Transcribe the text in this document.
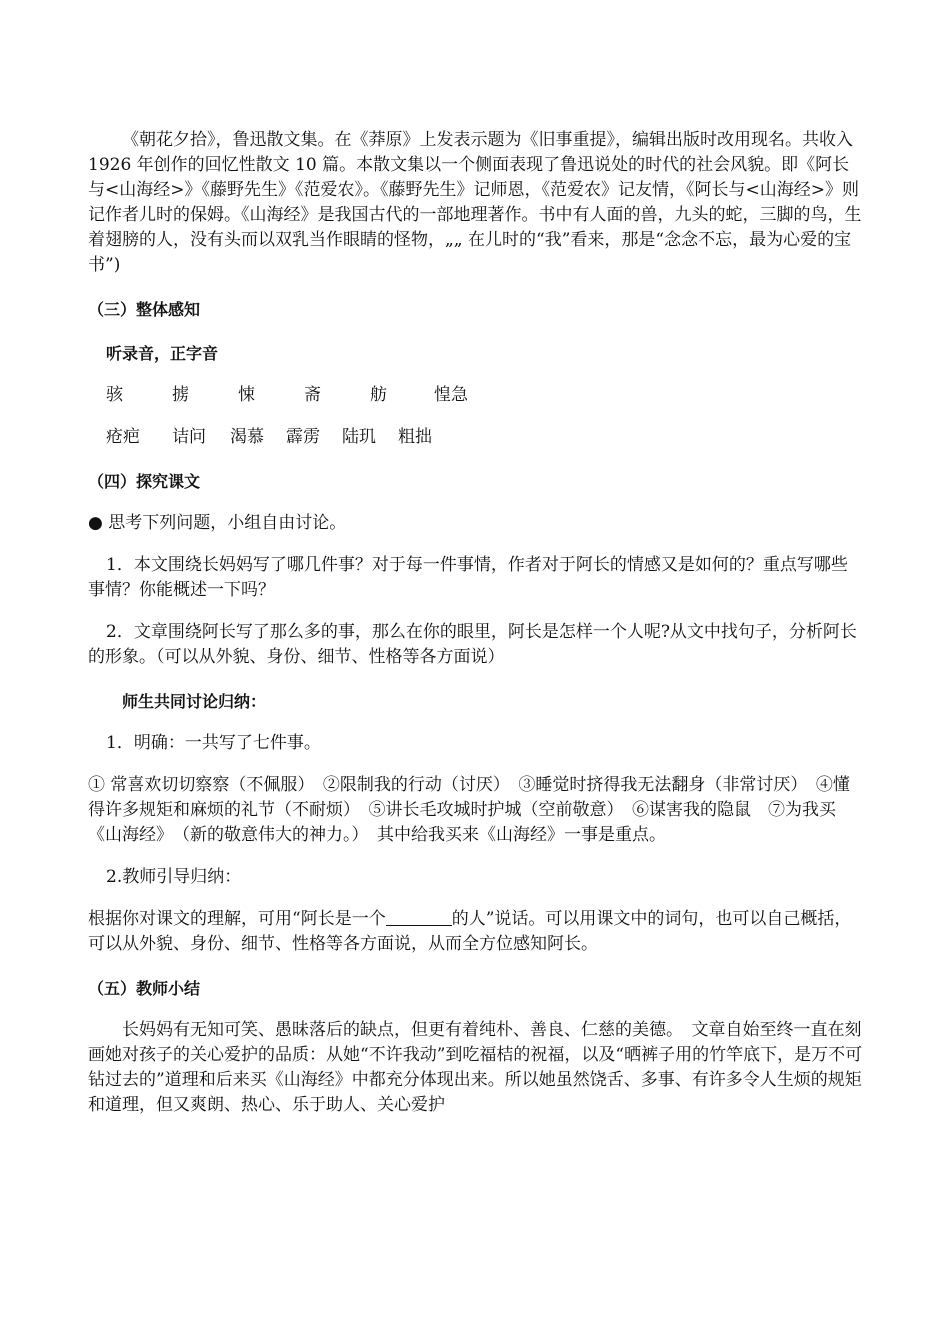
《朝花夕拾》，鲁迅散文集。在《莽原》上发表示题为《旧事重提》，编辑出版时改用现名。共收入 1926 年创作的回忆性散文 10 篇。本散文集以一个侧面表现了鲁迅说处的时代的社会风貌。即《阿长与<山海经>》《藤野先生》《范爱农》。《藤野先生》记师恩，《范爱农》记友情，《阿长与<山海经>》则记作者儿时的保姆。《山海经》是我国古代的一部地理著作。书中有人面的兽，九头的蛇，三脚的鸟，生着翅膀的人，没有头而以双乳当作眼睛的怪物，„„ 在儿时的“我”看来，那是“念念不忘，最为心爱的宝书”)

（三）整体感知

听录音，正字音

骇	掳	悚	斋	舫	惶急
疮疤	诘问	渴慕	霹雳	陆玑	粗拙

（四）探究课文

● 思考下列问题，小组自由讨论。

1．本文围绕长妈妈写了哪几件事？对于每一件事情，作者对于阿长的情感又是如何的？重点写哪些事情？你能概述一下吗？

2．文章围绕阿长写了那么多的事，那么在你的眼里，阿长是怎样一个人呢?从文中找句子，分析阿长的形象。（可以从外貌、身份、细节、性格等各方面说）

师生共同讨论归纳：

1．明确：一共写了七件事。

① 常喜欢切切察察（不佩服）　②限制我的行动（讨厌）　③睡觉时挤得我无法翻身（非常讨厌）　④懂得许多规矩和麻烦的礼节（不耐烦）　⑤讲长毛攻城时护城（空前敬意）　⑥谋害我的隐鼠　⑦为我买《山海经》　（新的敬意伟大的神力。）　其中给我买来《山海经》一事是重点。

2.教师引导归纳：

根据你对课文的理解，可用“阿长是一个	的人”说话。可以用课文中的词句，也可以自己概括，可以从外貌、身份、细节、性格等各方面说，从而全方位感知阿长。

（五）教师小结

长妈妈有无知可笑、愚昧落后的缺点，但更有着纯朴、善良、仁慈的美德。　文章自始至终一直在刻画她对孩子的关心爱护的品质：从她“不许我动”到吃福桔的祝福，以及“晒裤子用的竹竿底下，是万不可钻过去的”道理和后来买《山海经》中都充分体现出来。所以她虽然饶舌、多事、有许多令人生烦的规矩和道理，但又爽朗、热心、乐于助人、关心爱护
